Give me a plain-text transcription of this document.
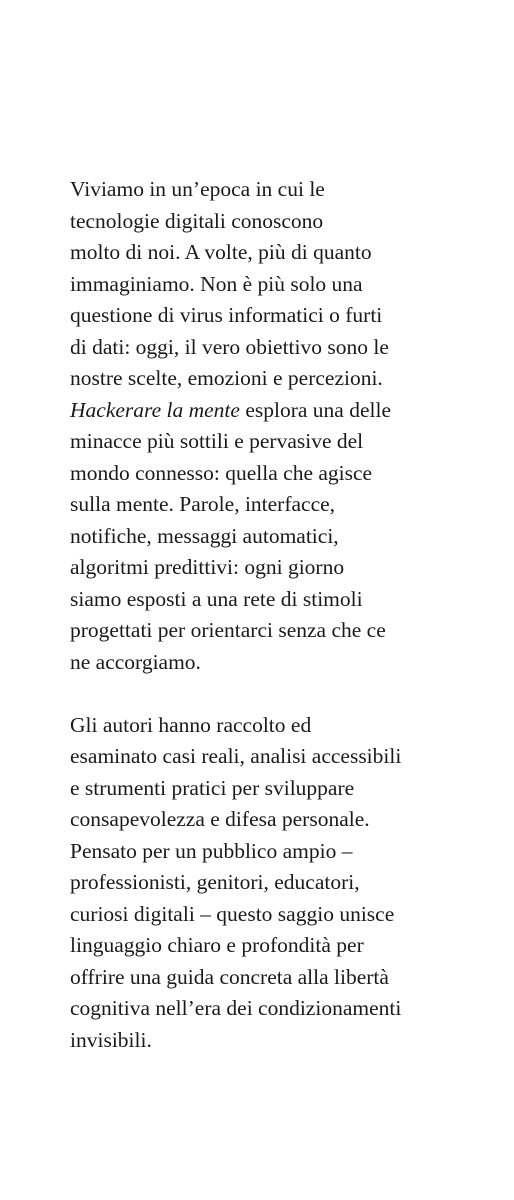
Viviamo in un’epoca in cui le
tecnologie digitali conoscono
molto di noi. A volte, più di quanto
immaginiamo. Non è più solo una
questione di virus informatici o furti
di dati: oggi, il vero obiettivo sono le
nostre scelte, emozioni e percezioni.
Hackerare la mente esplora una delle
minacce più sottili e pervasive del
mondo connesso: quella che agisce
sulla mente. Parole, interfacce,
notifiche, messaggi automatici,
algoritmi predittivi: ogni giorno
siamo esposti a una rete di stimoli
progettati per orientarci senza che ce
ne accorgiamo.

Gli autori hanno raccolto ed
esaminato casi reali, analisi accessibili
e strumenti pratici per sviluppare
consapevolezza e difesa personale.
Pensato per un pubblico ampio –
professionisti, genitori, educatori,
curiosi digitali – questo saggio unisce
linguaggio chiaro e profondità per
offrire una guida concreta alla libertà
cognitiva nell’era dei condizionamenti
invisibili.
